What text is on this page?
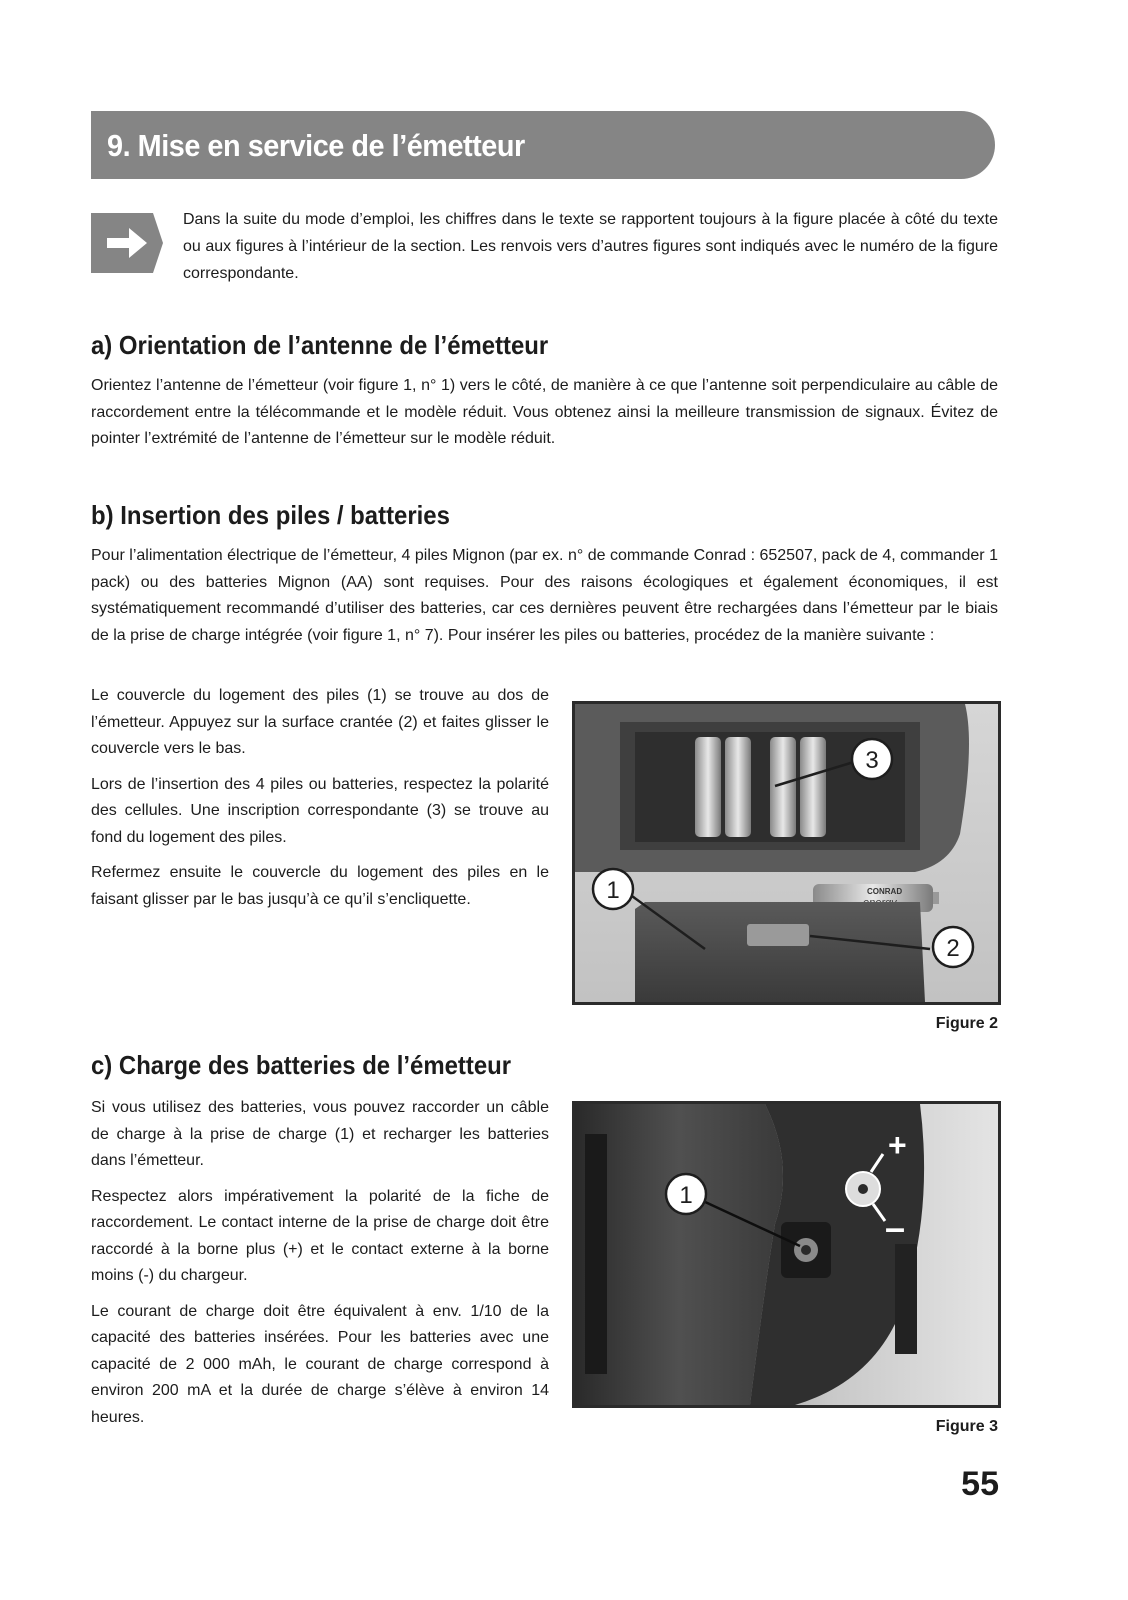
9. Mise en service de l’émetteur
Dans la suite du mode d’emploi, les chiffres dans le texte se rapportent toujours à la figure placée à côté du texte ou aux figures à l’intérieur de la section. Les renvois vers d’autres figures sont indiqués avec le numéro de la figure correspondante.
a) Orientation de l’antenne de l’émetteur

Orientez l’antenne de l’émetteur (voir figure 1, n° 1) vers le côté, de manière à ce que l’antenne soit perpendiculaire au câble de raccordement entre la télécommande et le modèle réduit. Vous obtenez ainsi la meilleure transmission de signaux. Évitez de pointer l’extrémité de l’antenne de l’émetteur sur le modèle réduit.

b) Insertion des piles / batteries

Pour l’alimentation électrique de l’émetteur, 4 piles Mignon (par ex. n° de commande Conrad : 652507, pack de 4, commander 1 pack) ou des batteries Mignon (AA) sont requises. Pour des raisons écologiques et également économiques, il est systématiquement recommandé d’utiliser des batteries, car ces dernières peuvent être rechargées dans l’émetteur par le biais de la prise de charge intégrée (voir figure 1, n° 7). Pour insérer les piles ou batteries, procédez de la manière suivante :

Le couvercle du logement des piles (1) se trouve au dos de l’émetteur. Appuyez sur la surface crantée (2) et faites glisser le couvercle vers le bas.

Lors de l’insertion des 4 piles ou batteries, respectez la polarité des cellules. Une inscription correspondante (3) se trouve au fond du logement des piles.

Refermez ensuite le couvercle du logement des piles en le faisant glisser par le bas jusqu’à ce qu’il s’encliquette.	CONRAD
3
1
2
Figure 2
c) Charge des batteries de l’émetteur

Si vous utilisez des batteries, vous pouvez raccorder un câble de charge à la prise de charge (1) et recharger les batteries dans l’émetteur.

Respectez alors impérativement la polarité de la fiche de raccordement. Le contact interne de la prise de charge doit être raccordé à la borne plus (+) et le contact externe à la borne moins (-) du chargeur.

Le courant de charge doit être équivalent à env. 1/10 de la capacité des batteries insérées. Pour les batteries avec une capacité de 2 000 mAh, le courant de charge correspond à environ 200 mA et la durée de charge s’élève à environ 14 heures.

1
+
–
Figure 3
55
